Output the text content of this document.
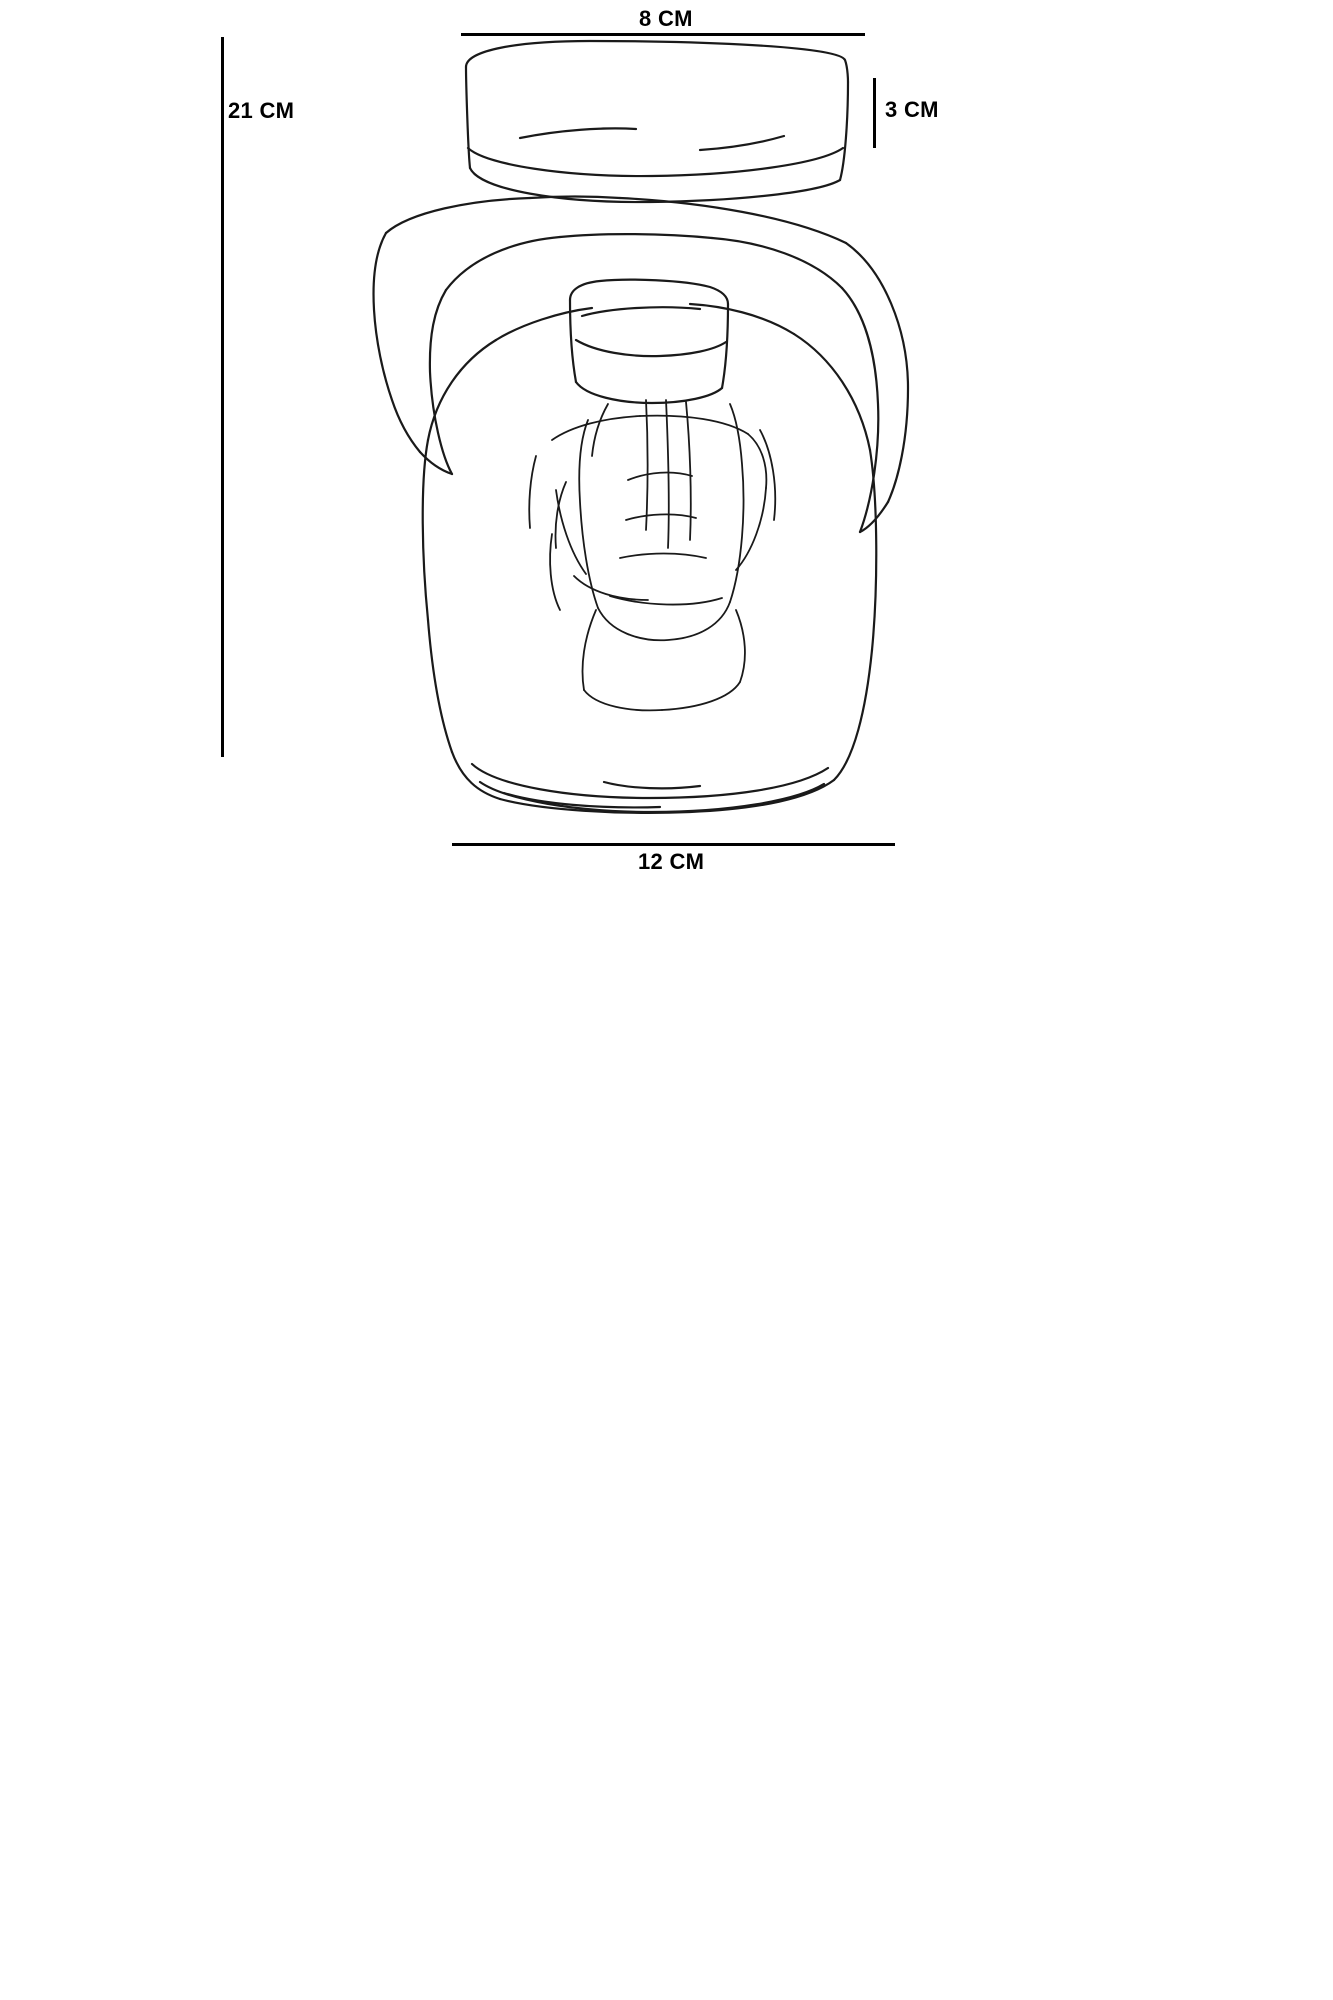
8 CM
21 CM	3 CM
12 CM
